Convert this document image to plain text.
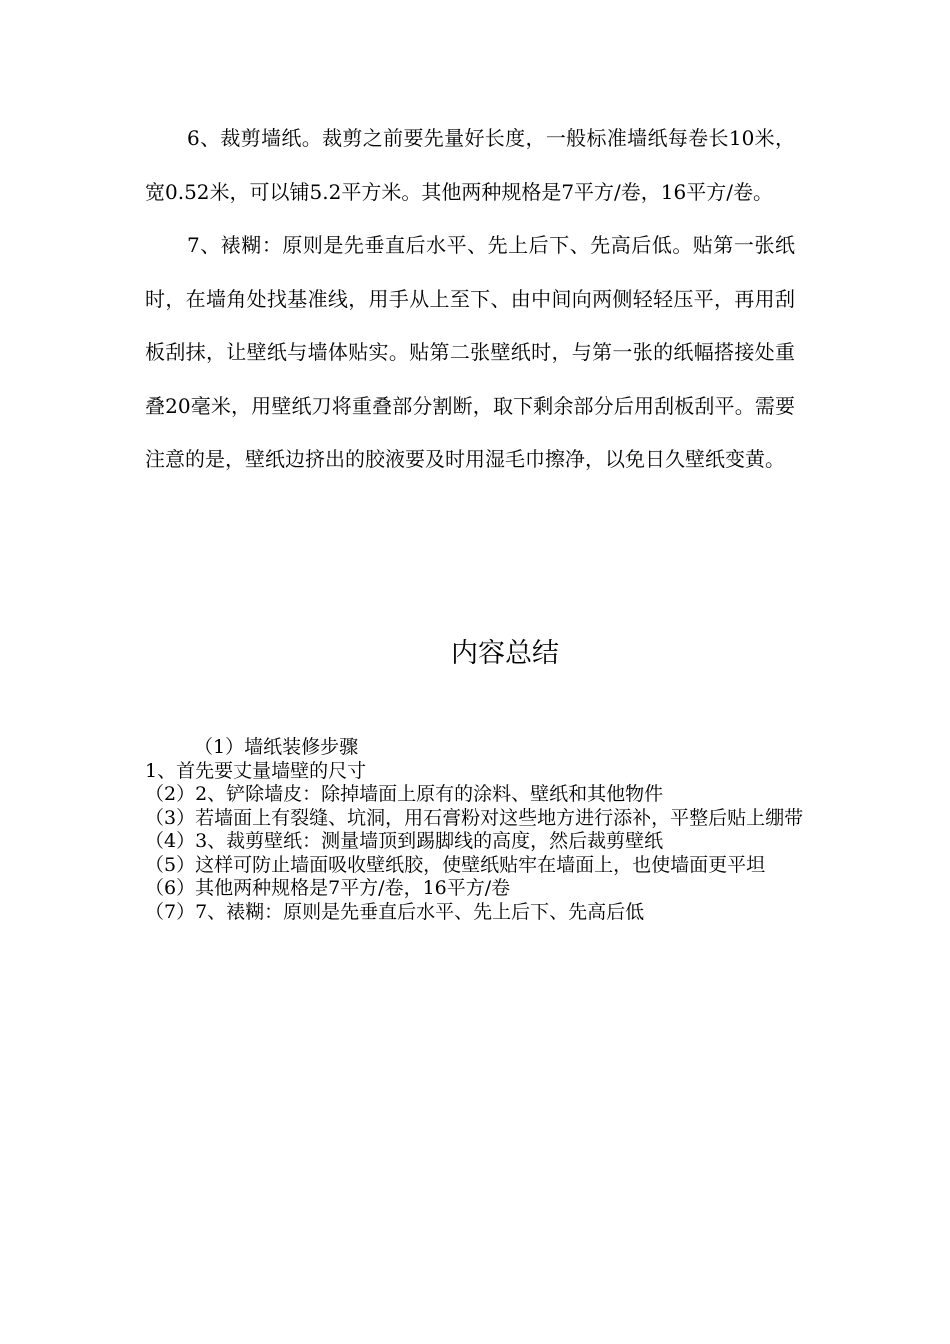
6、裁剪墙纸。裁剪之前要先量好长度，一般标准墙纸每卷长10米，宽0.52米，可以铺5.2平方米。其他两种规格是7平方/卷，16平方/卷。

7、裱糊：原则是先垂直后水平、先上后下、先高后低。贴第一张纸时，在墙角处找基准线，用手从上至下、由中间向两侧轻轻压平，再用刮板刮抹，让壁纸与墙体贴实。贴第二张壁纸时，与第一张的纸幅搭接处重叠20毫米，用壁纸刀将重叠部分割断，取下剩余部分后用刮板刮平。需要注意的是，壁纸边挤出的胶液要及时用湿毛巾擦净，以免日久壁纸变黄。

内容总结

（1）墙纸装修步骤

1、首先要丈量墙壁的尺寸

（2）2、铲除墙皮：除掉墙面上原有的涂料、壁纸和其他物件

（3）若墙面上有裂缝、坑洞，用石膏粉对这些地方进行添补，平整后贴上绷带

（4）3、裁剪壁纸：测量墙顶到踢脚线的高度，然后裁剪壁纸

（5）这样可防止墙面吸收壁纸胶，使壁纸贴牢在墙面上，也使墙面更平坦

（6）其他两种规格是7平方/卷，16平方/卷

（7）7、裱糊：原则是先垂直后水平、先上后下、先高后低
